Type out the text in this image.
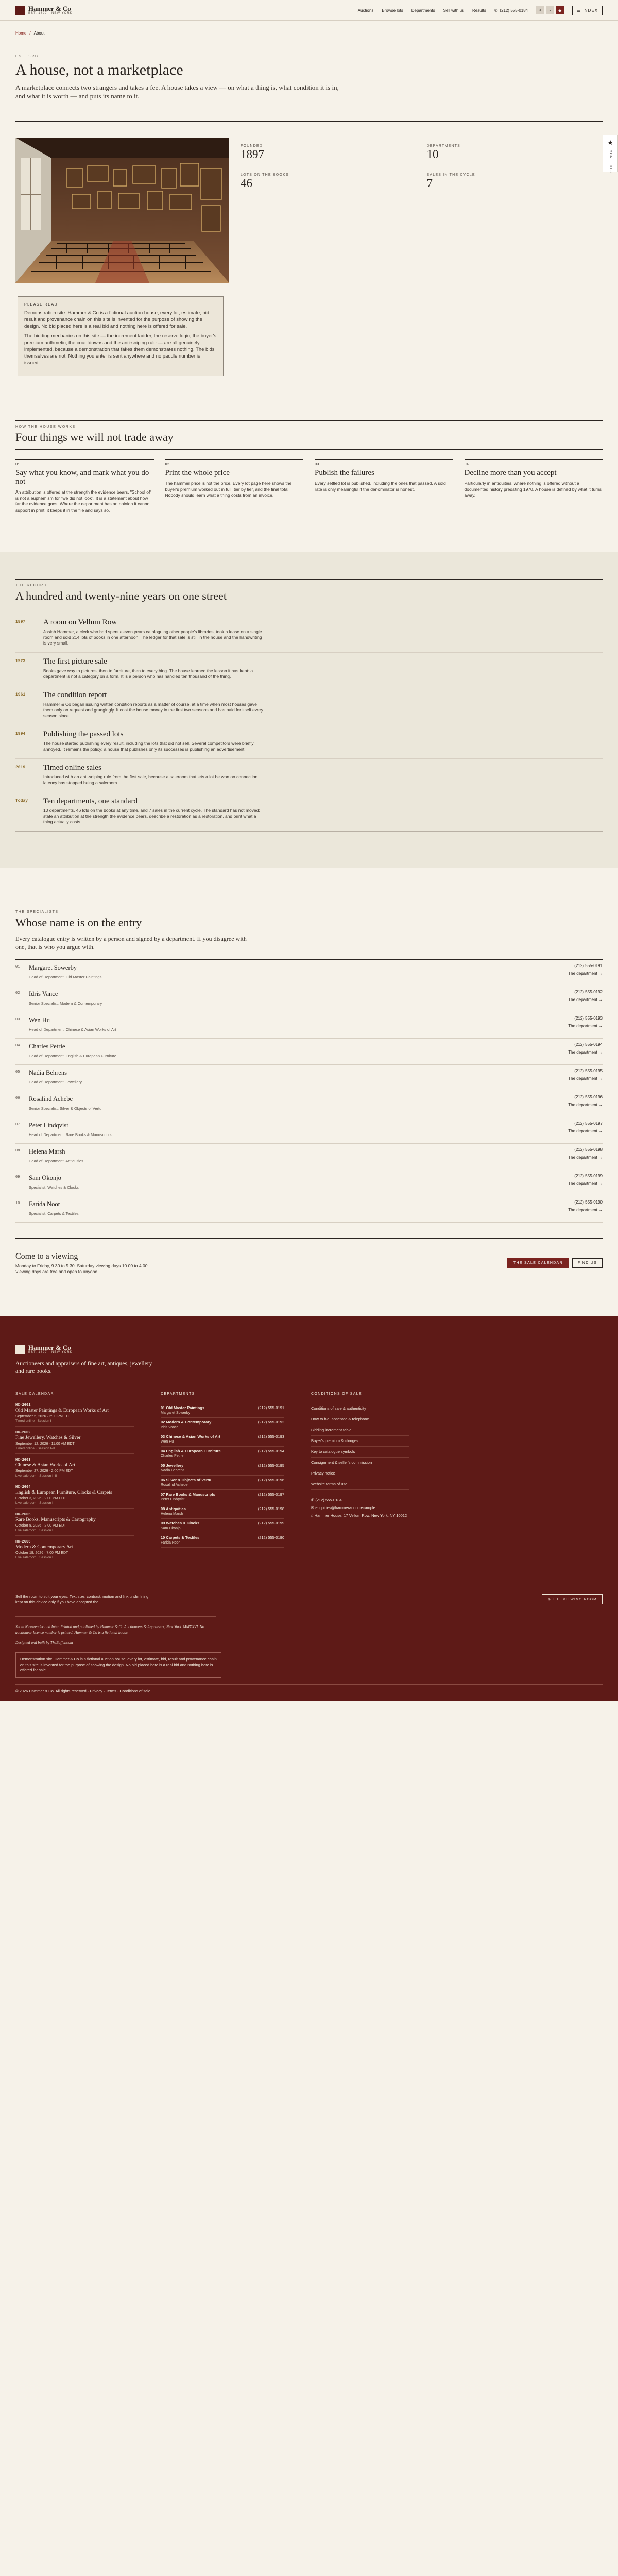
Hammer & Co
EST. 1897 · NEW YORK
Auctions Browse lots Departments Sell with us Results ✆ (212) 555-0184	⌕	◔	◆	☰ INDEX
Home / About
EST. 1897
A house, not a marketplace

A marketplace connects two strangers and takes a fee. A house takes a view — on what a thing is, what condition it is in, and what it is worth — and puts its name to it.

★
CONTENTS
FOUNDED
1897
DEPARTMENTS
10
LOTS ON THE BOOKS
46
SALES IN THE CYCLE
7
PLEASE READ

Demonstration site. Hammer & Co is a fictional auction house; every lot, estimate, bid, result and provenance chain on this site is invented for the purpose of showing the design. No bid placed here is a real bid and nothing here is offered for sale.

The bidding mechanics on this site — the increment ladder, the reserve logic, the buyer's premium arithmetic, the countdowns and the anti-sniping rule — are all genuinely implemented, because a demonstration that fakes them demonstrates nothing. The bids themselves are not. Nothing you enter is sent anywhere and no paddle number is issued.

HOW THE HOUSE WORKS
Four things we will not trade away
01
Say what you know, and mark what you do not
An attribution is offered at the strength the evidence bears. "School of" is not a euphemism for "we did not look". It is a statement about how far the evidence goes. Where the department has an opinion it cannot support in print, it keeps it in the file and says so.
02
Print the whole price
The hammer price is not the price. Every lot page here shows the buyer's premium worked out in full, tier by tier, and the final total. Nobody should learn what a thing costs from an invoice.
03
Publish the failures
Every settled lot is published, including the ones that passed. A sold rate is only meaningful if the denominator is honest.
04
Decline more than you accept
Particularly in antiquities, where nothing is offered without a documented history predating 1970. A house is defined by what it turns away.
THE RECORD
A hundred and twenty-nine years on one street
1897	A room on Vellum Row
Josiah Hammer, a clerk who had spent eleven years cataloguing other people's libraries, took a lease on a single room and sold 214 lots of books in one afternoon. The ledger for that sale is still in the house and the handwriting is very small.
1923	The first picture sale
Books gave way to pictures, then to furniture, then to everything. The house learned the lesson it has kept: a department is not a category on a form. It is a person who has handled ten thousand of the thing.
1961	The condition report
Hammer & Co began issuing written condition reports as a matter of course, at a time when most houses gave them only on request and grudgingly. It cost the house money in the first two seasons and has paid for itself every season since.
1994	Publishing the passed lots
The house started publishing every result, including the lots that did not sell. Several competitors were briefly annoyed. It remains the policy: a house that publishes only its successes is publishing an advertisement.
2019	Timed online sales
Introduced with an anti-sniping rule from the first sale, because a saleroom that lets a lot be won on connection latency has stopped being a saleroom.
Today	Ten departments, one standard
10 departments, 46 lots on the books at any time, and 7 sales in the current cycle. The standard has not moved: state an attribution at the strength the evidence bears, describe a restoration as a restoration, and print what a thing actually costs.
THE SPECIALISTS
Whose name is on the entry

Every catalogue entry is written by a person and signed by a department. If you disagree with one, that is who you argue with.

01	Margaret Sowerby
Head of Department, Old Master Paintings
(212) 555-0191
The department →
02	Idris Vance
Senior Specialist, Modern & Contemporary
(212) 555-0192
The department →
03	Wen Hu
Head of Department, Chinese & Asian Works of Art
(212) 555-0193
The department →
04	Charles Petrie
Head of Department, English & European Furniture
(212) 555-0194
The department →
05	Nadia Behrens
Head of Department, Jewellery
(212) 555-0195
The department →
06	Rosalind Achebe
Senior Specialist, Silver & Objects of Vertu
(212) 555-0196
The department →
07	Peter Lindqvist
Head of Department, Rare Books & Manuscripts
(212) 555-0197
The department →
08	Helena Marsh
Head of Department, Antiquities
(212) 555-0198
The department →
09	Sam Okonjo
Specialist, Watches & Clocks
(212) 555-0199
The department →
10	Farida Noor
Specialist, Carpets & Textiles
(212) 555-0190
The department →
Come to a viewing

Monday to Friday, 9.30 to 5.30. Saturday viewing days 10.00 to 4.00. Viewing days are free and open to anyone.

THE SALE CALENDAR	FIND US
Hammer & Co
EST. 1897 · NEW YORK

Auctioneers and appraisers of fine art, antiques, jewellery and rare books.

SALE CALENDAR
HC-2601
Old Master Paintings & European Works of Art
September 5, 2026 · 2:00 PM EDT
Timed online · Session I
HC-2602
Fine Jewellery, Watches & Silver
September 12, 2026 · 11:00 AM EDT
Timed online · Session I–II
HC-2603
Chinese & Asian Works of Art
September 27, 2026 · 2:00 PM EDT
Live saleroom · Session I–II
HC-2604
English & European Furniture, Clocks & Carpets
October 3, 2026 · 2:00 PM EDT
Live saleroom · Session I
HC-2605
Rare Books, Manuscripts & Cartography
October 8, 2026 · 2:00 PM EDT
Live saleroom · Session I
HC-2606
Modern & Contemporary Art
October 18, 2026 · 7:00 PM EDT
Live saleroom · Session I
DEPARTMENTS
01 Old Master Paintings
Margaret Sowerby
(212) 555-0191
02 Modern & Contemporary
Idris Vance
(212) 555-0192
03 Chinese & Asian Works of Art
Wen Hu
(212) 555-0193
04 English & European Furniture
Charles Petrie
(212) 555-0194
05 Jewellery
Nadia Behrens
(212) 555-0195
06 Silver & Objects of Vertu
Rosalind Achebe
(212) 555-0196
07 Rare Books & Manuscripts
Peter Lindqvist
(212) 555-0197
08 Antiquities
Helena Marsh
(212) 555-0198
09 Watches & Clocks
Sam Okonjo
(212) 555-0199
10 Carpets & Textiles
Farida Noor
(212) 555-0190
CONDITIONS OF SALE
Conditions of sale & authenticity
How to bid, absentee & telephone
Bidding increment table
Buyer's premium & charges
Key to catalogue symbols
Consignment & seller's commission
Privacy notice
Website terms of use
✆ (212) 555-0184
✉ enquiries@hammerandco.example
⌂ Hammer House, 17 Vellum Row, New York, NY 10012

Sell the room to suit your eyes. Text size, contrast, motion and link underlining, kept on this device only if you have accepted the

⊕ THE VIEWING ROOM

Set in Newsreader and Inter. Printed and published by Hammer & Co Auctioneers & Appraisers, New York. MMXXVI. No auctioneer licence number is printed. Hammer & Co is a fictional house.

Designed and built by TheBuffer.com

Demonstration site. Hammer & Co is a fictional auction house; every lot, estimate, bid, result and provenance chain on this site is invented for the purpose of showing the design. No bid placed here is a real bid and nothing here is offered for sale.
© 2026 Hammer & Co. All rights reserved · Privacy · Terms · Conditions of sale
